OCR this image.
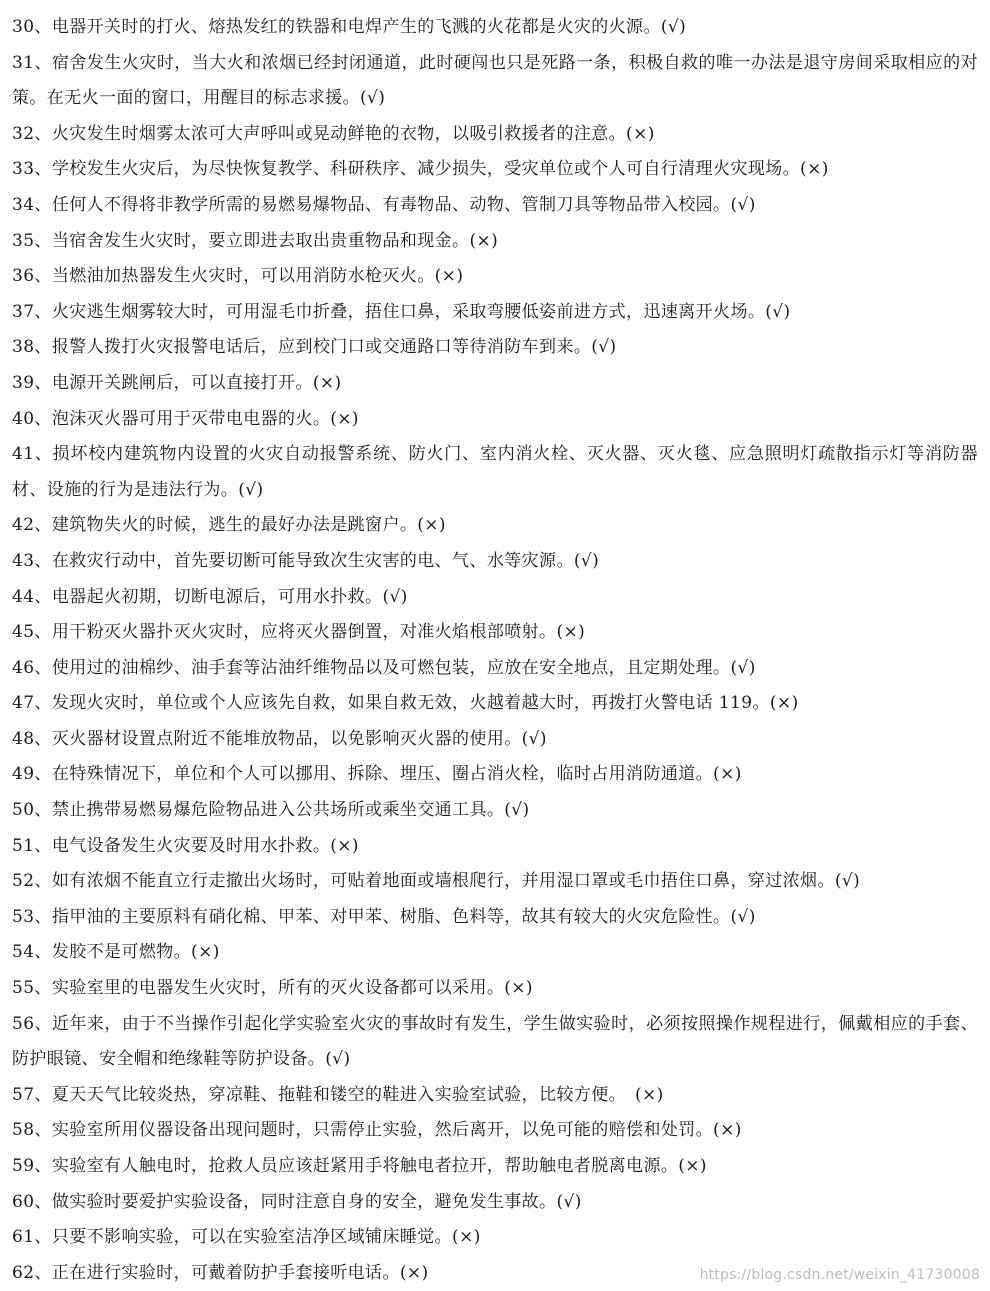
30、电器开关时的打火、熔热发红的铁器和电焊产生的飞溅的火花都是火灾的火源。(√)
31、宿舍发生火灾时，当大火和浓烟已经封闭通道，此时硬闯也只是死路一条，积极自救的唯一办法是退守房间采取相应的对策。在无火一面的窗口，用醒目的标志求援。(√)
32、火灾发生时烟雾太浓可大声呼叫或晃动鲜艳的衣物，以吸引救援者的注意。(×)
33、学校发生火灾后，为尽快恢复教学、科研秩序、减少损失，受灾单位或个人可自行清理火灾现场。(×)
34、任何人不得将非教学所需的易燃易爆物品、有毒物品、动物、管制刀具等物品带入校园。(√)
35、当宿舍发生火灾时，要立即进去取出贵重物品和现金。(×)
36、当燃油加热器发生火灾时，可以用消防水枪灭火。(×)
37、火灾逃生烟雾较大时，可用湿毛巾折叠，捂住口鼻，采取弯腰低姿前进方式，迅速离开火场。(√)
38、报警人拨打火灾报警电话后，应到校门口或交通路口等待消防车到来。(√)
39、电源开关跳闸后，可以直接打开。(×)
40、泡沫灭火器可用于灭带电电器的火。(×)
41、损坏校内建筑物内设置的火灾自动报警系统、防火门、室内消火栓、灭火器、灭火毯、应急照明灯疏散指示灯等消防器材、设施的行为是违法行为。(√)
42、建筑物失火的时候，逃生的最好办法是跳窗户。(×)
43、在救灾行动中，首先要切断可能导致次生灾害的电、气、水等灾源。(√)
44、电器起火初期，切断电源后，可用水扑救。(√)
45、用干粉灭火器扑灭火灾时，应将灭火器倒置，对准火焰根部喷射。(×)
46、使用过的油棉纱、油手套等沾油纤维物品以及可燃包装，应放在安全地点，且定期处理。(√)
47、发现火灾时，单位或个人应该先自救，如果自救无效，火越着越大时，再拨打火警电话 119。(×)
48、灭火器材设置点附近不能堆放物品，以免影响灭火器的使用。(√)
49、在特殊情况下，单位和个人可以挪用、拆除、埋压、圈占消火栓，临时占用消防通道。(×)
50、禁止携带易燃易爆危险物品进入公共场所或乘坐交通工具。(√)
51、电气设备发生火灾要及时用水扑救。(×)
52、如有浓烟不能直立行走撤出火场时，可贴着地面或墙根爬行，并用湿口罩或毛巾捂住口鼻，穿过浓烟。(√)
53、指甲油的主要原料有硝化棉、甲苯、对甲苯、树脂、色料等，故其有较大的火灾危险性。(√)
54、发胶不是可燃物。(×)
55、实验室里的电器发生火灾时，所有的灭火设备都可以采用。(×)
56、近年来，由于不当操作引起化学实验室火灾的事故时有发生，学生做实验时，必须按照操作规程进行，佩戴相应的手套、防护眼镜、安全帽和绝缘鞋等防护设备。(√)
57、夏天天气比较炎热，穿凉鞋、拖鞋和镂空的鞋进入实验室试验，比较方便。　(×)
58、实验室所用仪器设备出现问题时，只需停止实验，然后离开，以免可能的赔偿和处罚。(×)
59、实验室有人触电时，抢救人员应该赶紧用手将触电者拉开，帮助触电者脱离电源。(×)
60、做实验时要爱护实验设备，同时注意自身的安全，避免发生事故。(√)
61、只要不影响实验，可以在实验室洁净区域铺床睡觉。(×)
62、正在进行实验时，可戴着防护手套接听电话。(×)	https://blog.csdn.net/weixin_41730008
